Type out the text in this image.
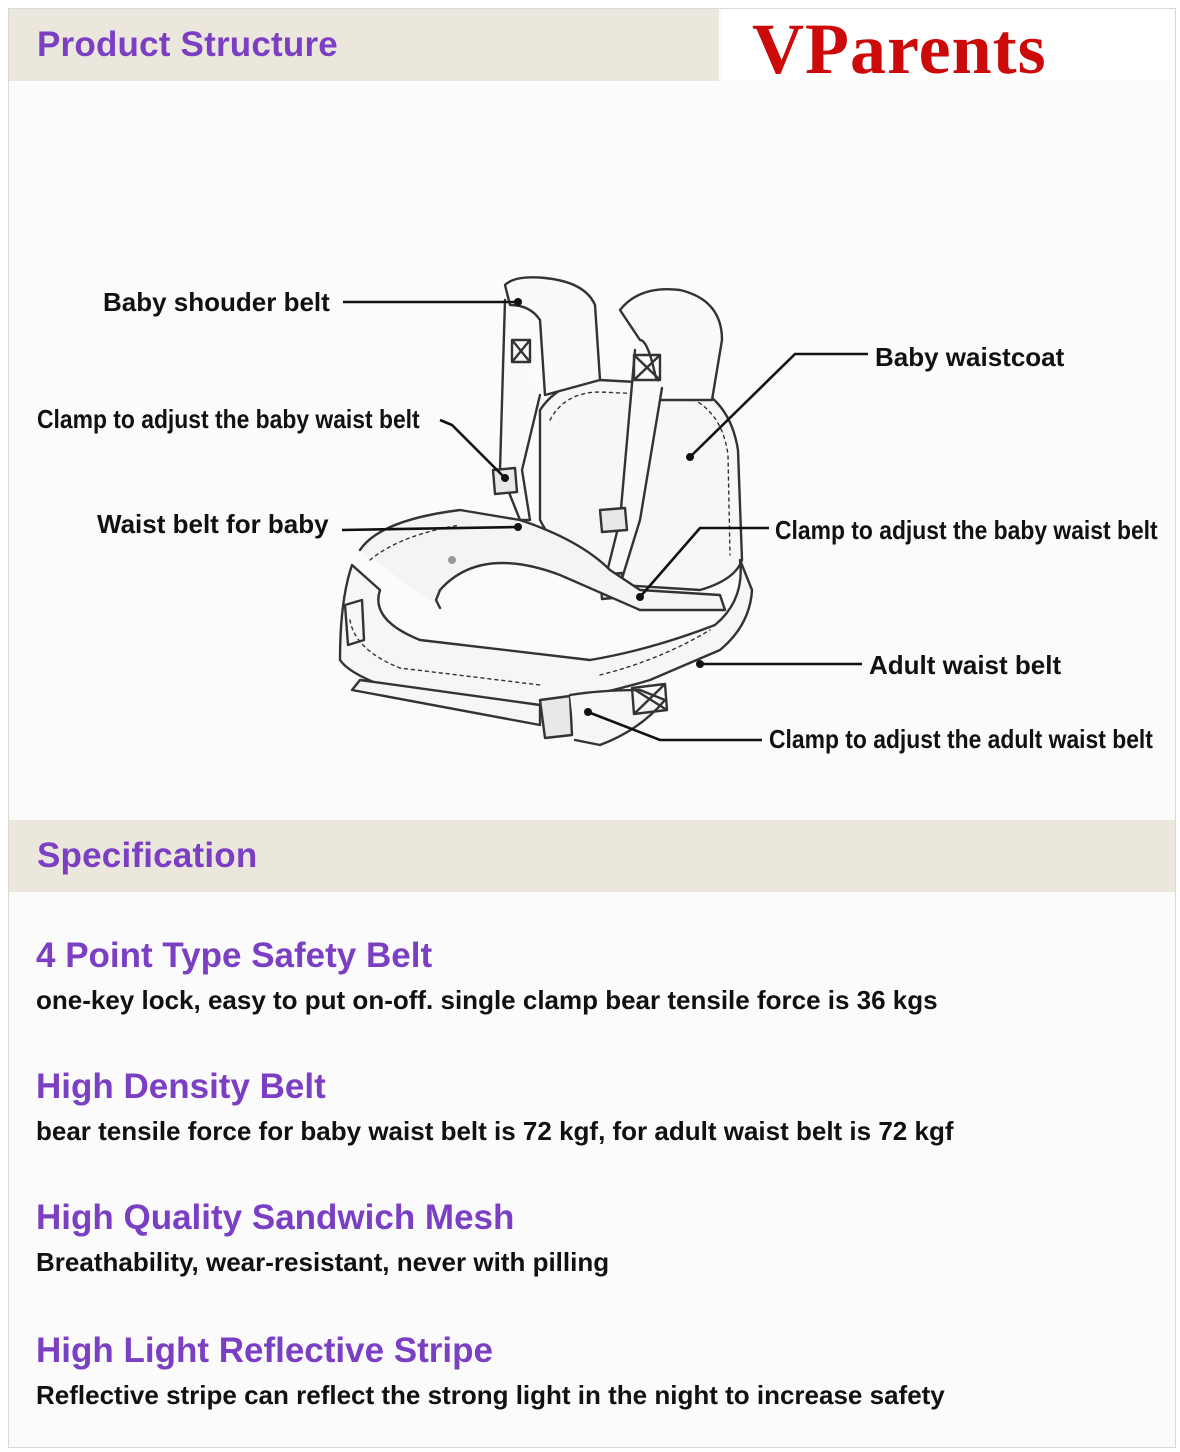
Product Structure	VParents
Baby shouder belt
Baby waistcoat
Clamp to adjust the baby waist belt
Waist belt for baby	Clamp to adjust the baby waist belt
Adult waist belt
Clamp to adjust the adult waist belt
Specification
4 Point Type Safety Belt
one-key lock, easy to put on-off. single clamp bear tensile force is 36 kgs
High Density Belt
bear tensile force for baby waist belt is 72 kgf, for adult waist belt is 72 kgf
High Quality Sandwich Mesh
Breathability, wear-resistant, never with pilling
High Light Reflective Stripe
Reflective stripe can reflect the strong light in the night to increase safety
